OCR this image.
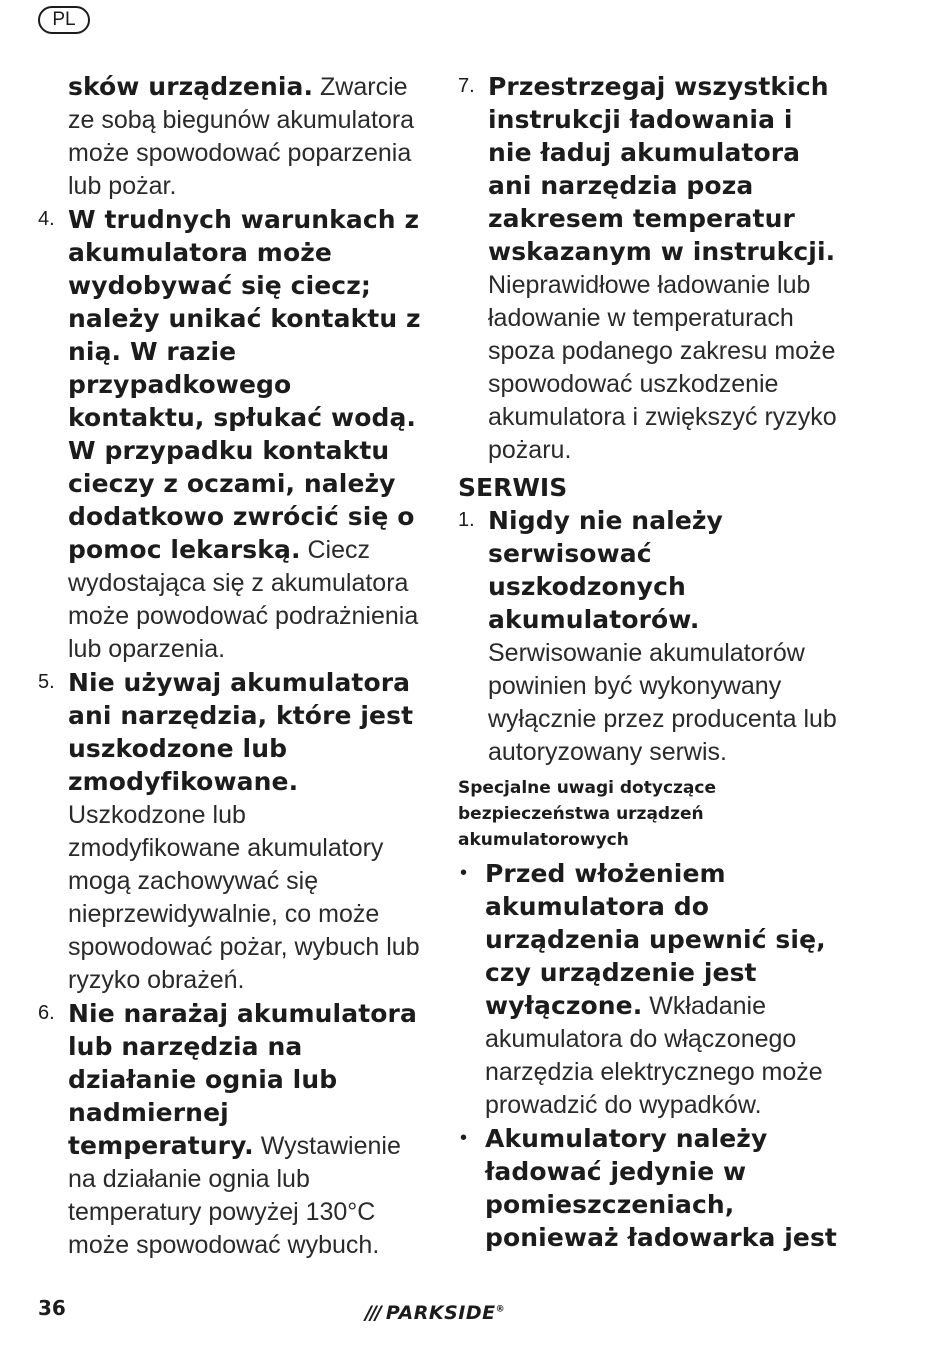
PL
sków urządzenia. Zwarcie ze sobą biegunów akumulatora może spowodować poparzenia lub pożar.
4. W trudnych warunkach z akumulatora może wydobywać się ciecz; należy unikać kontaktu z nią. W razie przypadkowego kontaktu, spłukać wodą. W przypadku kontaktu cieczy z oczami, należy dodatkowo zwrócić się o pomoc lekarską. Ciecz wydostająca się z akumulatora może powodować podrażnienia lub oparzenia.
5. Nie używaj akumulatora ani narzędzia, które jest uszkodzone lub zmodyfikowane. Uszkodzone lub zmodyfikowane akumulatory mogą zachowywać się nieprzewidywalnie, co może spowodować pożar, wybuch lub ryzyko obrażeń.
6. Nie narażaj akumulatora lub narzędzia na działanie ognia lub nadmiernej temperatury. Wystawienie na działanie ognia lub temperatury powyżej 130°C może spowodować wybuch.
7. Przestrzegaj wszystkich instrukcji ładowania i nie ładuj akumulatora ani narzędzia poza zakresem temperatur wskazanym w instrukcji. Nieprawidłowe ładowanie lub ładowanie w temperaturach spoza podanego zakresu może spowodować uszkodzenie akumulatora i zwiększyć ryzyko pożaru.
SERWIS
1. Nigdy nie należy serwisować uszkodzonych akumulatorów. Serwisowanie akumulatorów powinien być wykonywany wyłącznie przez producenta lub autoryzowany serwis.
Specjalne uwagi dotyczące bezpieczeństwa urządzeń akumulatorowych
• Przed włożeniem akumulatora do urządzenia upewnić się, czy urządzenie jest wyłączone. Wkładanie akumulatora do włączonego narzędzia elektrycznego może prowadzić do wypadków.
• Akumulatory należy ładować jedynie w pomieszczeniach, ponieważ ładowarka jest
36	/// PARKSIDE®
